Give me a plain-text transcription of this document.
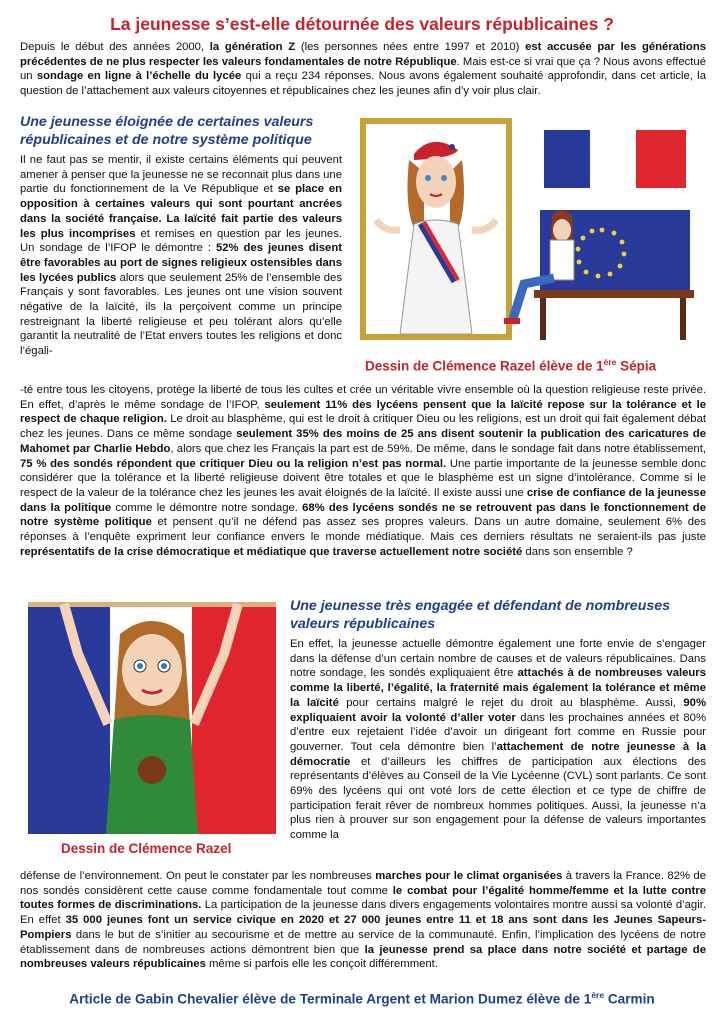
La jeunesse s’est-elle détournée des valeurs républicaines ?
Depuis le début des années 2000, la génération Z (les personnes nées entre 1997 et 2010) est accusée par les générations précédentes de ne plus respecter les valeurs fondamentales de notre République. Mais est-ce si vrai que ça ? Nous avons effectué un sondage en ligne à l’échelle du lycée qui a reçu 234 réponses. Nous avons également souhaité approfondir, dans cet article, la question de l’attachement aux valeurs citoyennes et républicaines chez les jeunes afin d’y voir plus clair.
Une jeunesse éloignée de certaines valeurs républicaines et de notre système politique
Il ne faut pas se mentir, il existe certains éléments qui peuvent amener à penser que la jeunesse ne se reconnait plus dans une partie du fonctionnement de la Ve République et se place en opposition à certaines valeurs qui sont pourtant ancrées dans la société française. La laïcité fait partie des valeurs les plus incomprises et remises en question par les jeunes. Un sondage de l’IFOP le démontre : 52% des jeunes disent être favorables au port de signes religieux ostensibles dans les lycées publics alors que seulement 25% de l’ensemble des Français y sont favorables. Les jeunes ont une vision souvent négative de la laïcité, ils la perçoivent comme un principe restreignant la liberté religieuse et peu tolérant alors qu’elle garantit la neutralité de l’Etat envers toutes les religions et donc l’égali-
Dessin de Clémence Razel élève de 1ère Sépia
-té entre tous les citoyens, protège la liberté de tous les cultes et crée un véritable vivre ensemble où la question religieuse reste privée. En effet, d’après le même sondage de l’IFOP, seulement 11% des lycéens pensent que la laïcité repose sur la tolérance et le respect de chaque religion. Le droit au blasphème, qui est le droit à critiquer Dieu ou les religions, est un droit qui fait également débat chez les jeunes. Dans ce même sondage seulement 35% des moins de 25 ans disent soutenir la publication des caricatures de Mahomet par Charlie Hebdo, alors que chez les Français la part est de 59%. De même, dans le sondage fait dans notre établissement, 75 % des sondés répondent que critiquer Dieu ou la religion n’est pas normal. Une partie importante de la jeunesse semble donc considérer que la tolérance et la liberté religieuse doivent être totales et que le blasphème est un signe d’intolérance. Comme si le respect de la valeur de la tolérance chez les jeunes les avait éloignés de la laïcité. Il existe aussi une crise de confiance de la jeunesse dans la politique comme le démontre notre sondage. 68% des lycéens sondés ne se retrouvent pas dans le fonctionnement de notre système politique et pensent qu’il ne défend pas assez ses propres valeurs. Dans un autre domaine, seulement 6% des réponses à l’enquête expriment leur confiance envers le monde médiatique. Mais ces derniers résultats ne seraient-ils pas juste représentatifs de la crise démocratique et médiatique que traverse actuellement notre société dans son ensemble ?
Dessin de Clémence Razel
Une jeunesse très engagée et défendant de nombreuses valeurs républicaines
En effet, la jeunesse actuelle démontre également une forte envie de s’engager dans la défense d’un certain nombre de causes et de valeurs républicaines. Dans notre sondage, les sondés expliquaient être attachés à de nombreuses valeurs comme la liberté, l’égalité, la fraternité mais également la tolérance et même la laïcité pour certains malgré le rejet du droit au blasphème. Aussi, 90% expliquaient avoir la volonté d’aller voter dans les prochaines années et 80% d’entre eux rejetaient l’idée d’avoir un dirigeant fort comme en Russie pour gouverner. Tout cela démontre bien l’attachement de notre jeunesse à la démocratie et d’ailleurs les chiffres de participation aux élections des représentants d’élèves au Conseil de la Vie Lycéenne (CVL) sont parlants. Ce sont 69% des lycéens qui ont voté lors de cette élection et ce type de chiffre de participation ferait rêver de nombreux hommes politiques. Aussi, la jeunesse n’a plus rien à prouver sur son engagement pour la défense de valeurs importantes comme la
défense de l’environnement. On peut le constater par les nombreuses marches pour le climat organisées à travers la France. 82% de nos sondés considèrent cette cause comme fondamentale tout comme le combat pour l’égalité homme/femme et la lutte contre toutes formes de discriminations. La participation de la jeunesse dans divers engagements volontaires montre aussi sa volonté d’agir. En effet 35 000 jeunes font un service civique en 2020 et 27 000 jeunes entre 11 et 18 ans sont dans les Jeunes Sapeurs-Pompiers dans le but de s’initier au secourisme et de mettre au service de la communauté. Enfin, l’implication des lycéens de notre établissement dans de nombreuses actions démontrent bien que la jeunesse prend sa place dans notre société et partage de nombreuses valeurs républicaines même si parfois elle les conçoit différemment.
Article de Gabin Chevalier élève de Terminale Argent et Marion Dumez élève de 1ère Carmin
